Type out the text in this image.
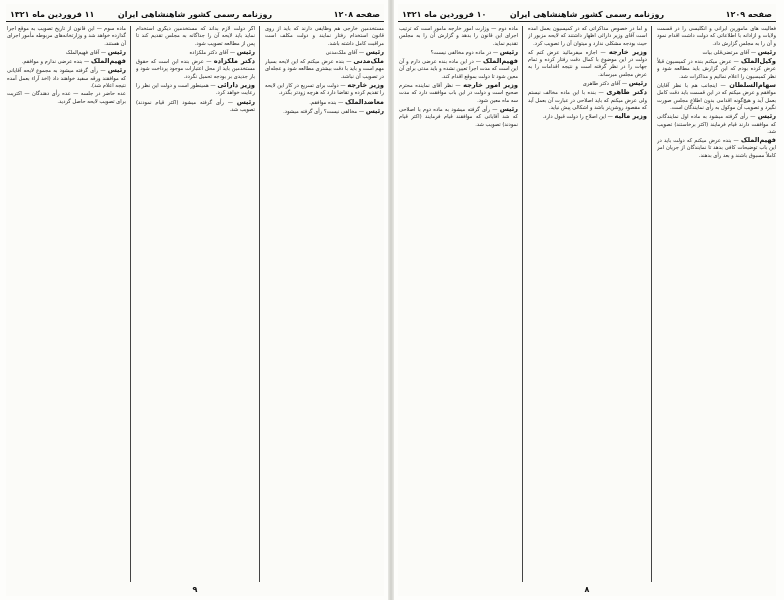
صفحه ۱۲۰۸
روزنامه رسمی کشور شاهنشاهی ایران
۱۱ فروردین ماه ۱۳۲۱

مستخدمین خارجی هم وظایفی دارند که باید از روی قانون استخدام رفتار نمایند و دولت مکلف است مراقبت کامل داشته باشد.

رئیس — آقای ملک‌مدنی

ملک‌مدنی — بنده عرض میکنم که این لایحه بسیار مهم است و باید با دقت بیشتری مطالعه شود و عجله‌ای در تصویب آن نباشد.

وزیر خارجه — دولت برای تسریع در کار این لایحه را تقدیم کرده و تقاضا دارد که هرچه زودتر بگذرد.

معاضدالملک — بنده موافقم.

رئیس — مخالفی نیست؟ رأی گرفته میشود.

اگر دولت لازم بداند که مستخدمین دیگری استخدام نماید باید لایحه آن را جداگانه به مجلس تقدیم کند تا پس از مطالعه تصویب شود.

رئیس — آقای دکتر ملکزاده

دکتر ملکزاده — عرض بنده این است که حقوق مستخدمین باید از محل اعتبارات موجود پرداخت شود و بار جدیدی بر بودجه تحمیل نگردد.

وزیر دارائی — همینطور است و دولت این نظر را رعایت خواهد کرد.

رئیس — رأی گرفته میشود (اکثر قیام نمودند) تصویب شد.

ماده سوم — این قانون از تاریخ تصویب به موقع اجرا گذارده خواهد شد و وزارتخانه‌های مربوطه مأمور اجرای آن هستند.

رئیس — آقای فهیم‌الملک

فهیم‌الملک — بنده عرضی ندارم و موافقم.

رئیس — رأی گرفته میشود به مجموع لایحه آقایانی که موافقند ورقه سفید خواهند داد (اخذ آراء بعمل آمده نتیجه اعلام شد).

عده حاضر در جلسه — عده رأی دهندگان — اکثریت برای تصویب لایحه حاصل گردید.

۹
صفحه ۱۲۰۹
روزنامه رسمی کشور شاهنشاهی ایران
۱۰ فروردین ماه ۱۳۲۱

فعالیت های مأمورین ایرانی و انگلیسی را در قسمت ولایات و ازادانه با اطلاعاتی که دولت داشت اقدام نمود و آن را به مجلس گزارش داد.

رئیس — آقای مرتضی‌قلی بیات

وکیل‌الملک — عرض میکنم بنده در کمیسیون قبلاً عرض کرده بودم که این گزارش باید مطالعه شود و نظر کمیسیون را اعلام نمائیم و مذاکرات شد.

سهام‌السلطان — اینجانب هم با نظر آقایان موافقم و عرض میکنم که در این قسمت باید دقت کامل بعمل آید و هیچ‌گونه اقدامی بدون اطلاع مجلس صورت نگیرد و تصویب آن موکول به رأی نمایندگان است.

رئیس — رأی گرفته میشود به ماده اول نمایندگانی که موافقت دارند قیام فرمایند (اکثر برخاستند) تصویب شد.

فهیم‌الملک — بنده عرض میکنم که دولت باید در این باب توضیحات کافی بدهد تا نمایندگان از جریان امر کاملاً مسبوق باشند و بعد رأی بدهند.

و اما در خصوص مذاکراتی که در کمیسیون بعمل آمده است آقای وزیر دارائی اظهار داشتند که لایحه مزبور از حیث بودجه مشکلی ندارد و میتوان آن را تصویب کرد.

وزیر خارجه — اجازه میفرمائید عرض کنم که دولت در این موضوع با کمال دقت رفتار کرده و تمام جهات را در نظر گرفته است و نتیجه اقدامات را به عرض مجلس میرساند.

رئیس — آقای دکتر طاهری

دکتر طاهری — بنده با این ماده مخالف نیستم ولی عرض میکنم که باید اصلاحی در عبارت آن بعمل آید که مقصود روشن‌تر باشد و اشکالی پیش نیاید.

وزیر مالیه — این اصلاح را دولت قبول دارد.

ماده دوم — وزارت امور خارجه مأمور است که ترتیب اجرای این قانون را بدهد و گزارش آن را به مجلس تقدیم نماید.

رئیس — در ماده دوم مخالفی نیست؟

فهیم‌الملک — در این ماده بنده عرضی دارم و آن این است که مدت اجرا تعیین نشده و باید مدتی برای آن معین شود تا دولت بموقع اقدام کند.

وزیر امور خارجه — نظر آقای نماینده محترم صحیح است و دولت در این باب موافقت دارد که مدت سه ماه معین شود.

رئیس — رأی گرفته میشود به ماده دوم با اصلاحی که شد آقایانی که موافقند قیام فرمایند (اکثر قیام نمودند) تصویب شد.

۸
